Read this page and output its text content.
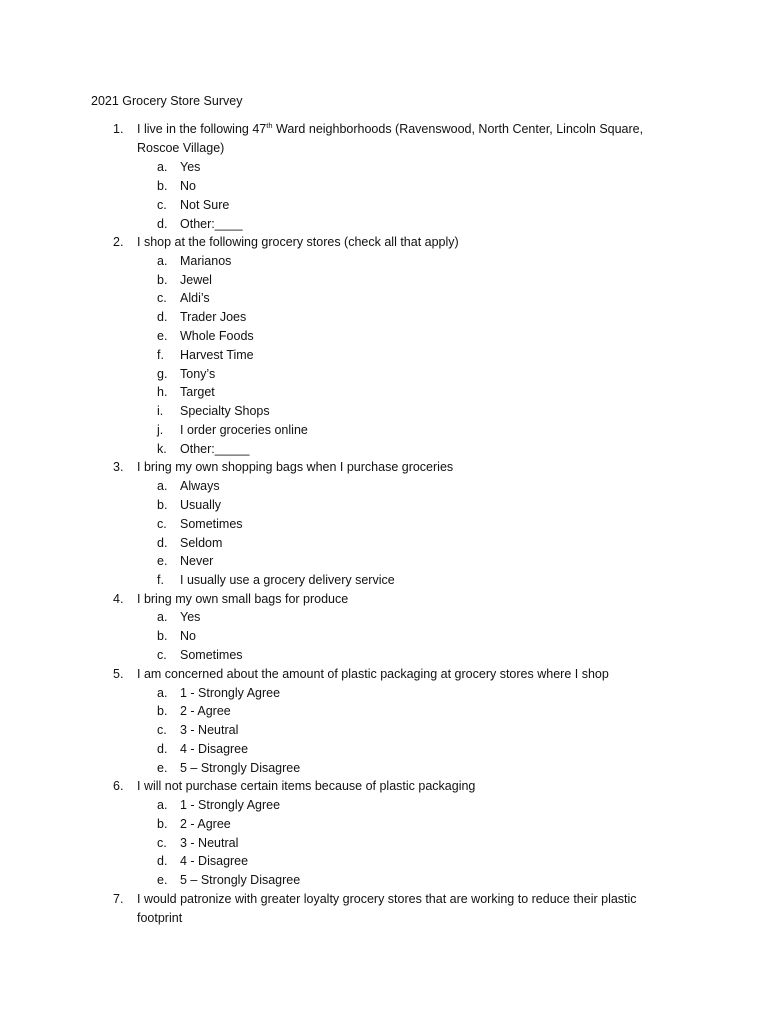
2021 Grocery Store Survey
1. I live in the following 47th Ward neighborhoods (Ravenswood, North Center, Lincoln Square,
Roscoe Village)
a. Yes
b. No
c. Not Sure
d. Other:____
2. I shop at the following grocery stores (check all that apply)
a. Marianos
b. Jewel
c. Aldi’s
d. Trader Joes
e. Whole Foods
f. Harvest Time
g. Tony’s
h. Target
i. Specialty Shops
j. I order groceries online
k. Other:_____
3. I bring my own shopping bags when I purchase groceries
a. Always
b. Usually
c. Sometimes
d. Seldom
e. Never
f. I usually use a grocery delivery service
4. I bring my own small bags for produce
a. Yes
b. No
c. Sometimes
5. I am concerned about the amount of plastic packaging at grocery stores where I shop
a. 1 - Strongly Agree
b. 2 - Agree
c. 3 - Neutral
d. 4 - Disagree
e. 5 – Strongly Disagree
6. I will not purchase certain items because of plastic packaging
a. 1 - Strongly Agree
b. 2 - Agree
c. 3 - Neutral
d. 4 - Disagree
e. 5 – Strongly Disagree
7. I would patronize with greater loyalty grocery stores that are working to reduce their plastic
footprint
